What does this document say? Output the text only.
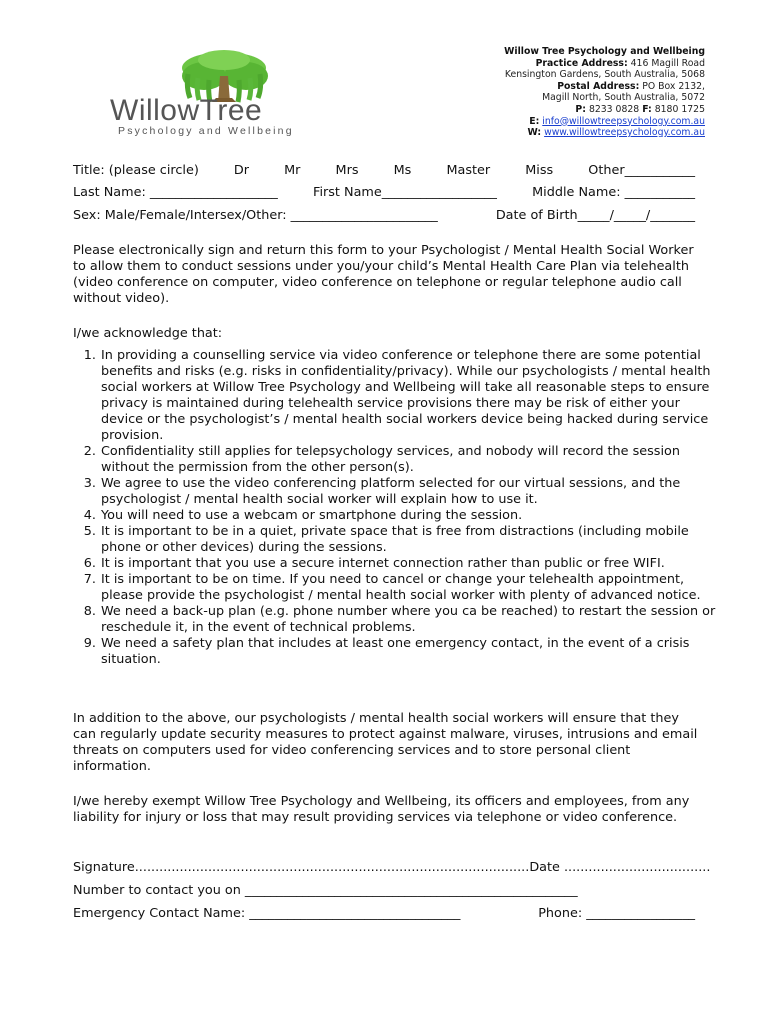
WillowTree
Psychology and Wellbeing
Willow Tree Psychology and Wellbeing
Practice Address: 416 Magill Road
Kensington Gardens, South Australia, 5068
Postal Address: PO Box 2132,
Magill North, South Australia, 5072
P: 8233 0828 F: 8180 1725
E: info@willowtreepsychology.com.au
W: www.willowtreepsychology.com.au
Title: (please circle)	Dr	Mr	Mrs	Ms	Master	Miss	Other___________
Last Name: ____________________	First Name__________________	Middle Name: ___________
Sex: Male/Female/Intersex/Other: _______________________	Date of Birth_____/_____/_______

Please electronically sign and return this form to your Psychologist / Mental Health Social Worker to allow them to conduct sessions under you/your child’s Mental Health Care Plan via telehealth (video conference on computer, video conference on telephone or regular telephone audio call without video).

I/we acknowledge that:

1. In providing a counselling service via video conference or telephone there are some potential benefits and risks (e.g. risks in confidentiality/privacy). While our psychologists / mental health social workers at Willow Tree Psychology and Wellbeing will take all reasonable steps to ensure privacy is maintained during telehealth service provisions there may be risk of either your device or the psychologist’s / mental health social workers device being hacked during service provision.
2. Confidentiality still applies for telepsychology services, and nobody will record the session without the permission from the other person(s).
3. We agree to use the video conferencing platform selected for our virtual sessions, and the psychologist / mental health social worker will explain how to use it.
4. You will need to use a webcam or smartphone during the session.
5. It is important to be in a quiet, private space that is free from distractions (including mobile phone or other devices) during the sessions.
6. It is important that you use a secure internet connection rather than public or free WIFI.
7. It is important to be on time. If you need to cancel or change your telehealth appointment, please provide the psychologist / mental health social worker with plenty of advanced notice.
8. We need a back-up plan (e.g. phone number where you ca be reached) to restart the session or reschedule it, in the event of technical problems.
9. We need a safety plan that includes at least one emergency contact, in the event of a crisis situation.

In addition to the above, our psychologists / mental health social workers will ensure that they can regularly update security measures to protect against malware, viruses, intrusions and email threats on computers used for video conferencing services and to store personal client information.

I/we hereby exempt Willow Tree Psychology and Wellbeing, its officers and employees, from any liability for injury or loss that may result providing services via telephone or video conference.

Signature................................................................................................. Date ....................................
Number to contact you on ____________________________________________________
Emergency Contact Name: _________________________________	Phone: _________________
